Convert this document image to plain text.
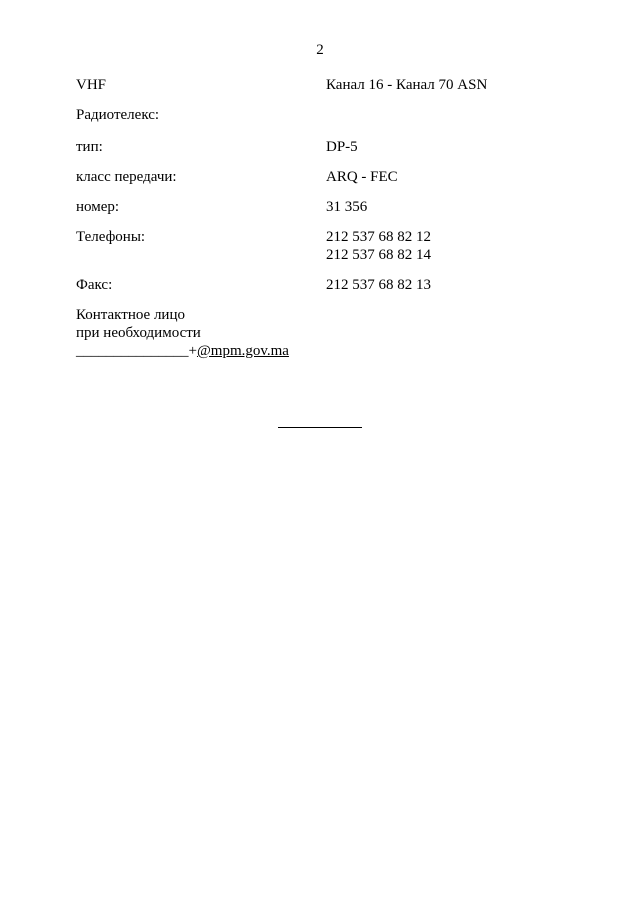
2
VHF	Канал 16 - Канал 70 ASN
Радиотелекс:
тип:	DP-5
класс передачи:	ARQ - FEC
номер:	31 356
Телефоны:	212 537 68 82 12
212 537 68 82 14
Факс:	212 537 68 82 13
Контактное лицо
при необходимости
_______________+@mpm.gov.ma
